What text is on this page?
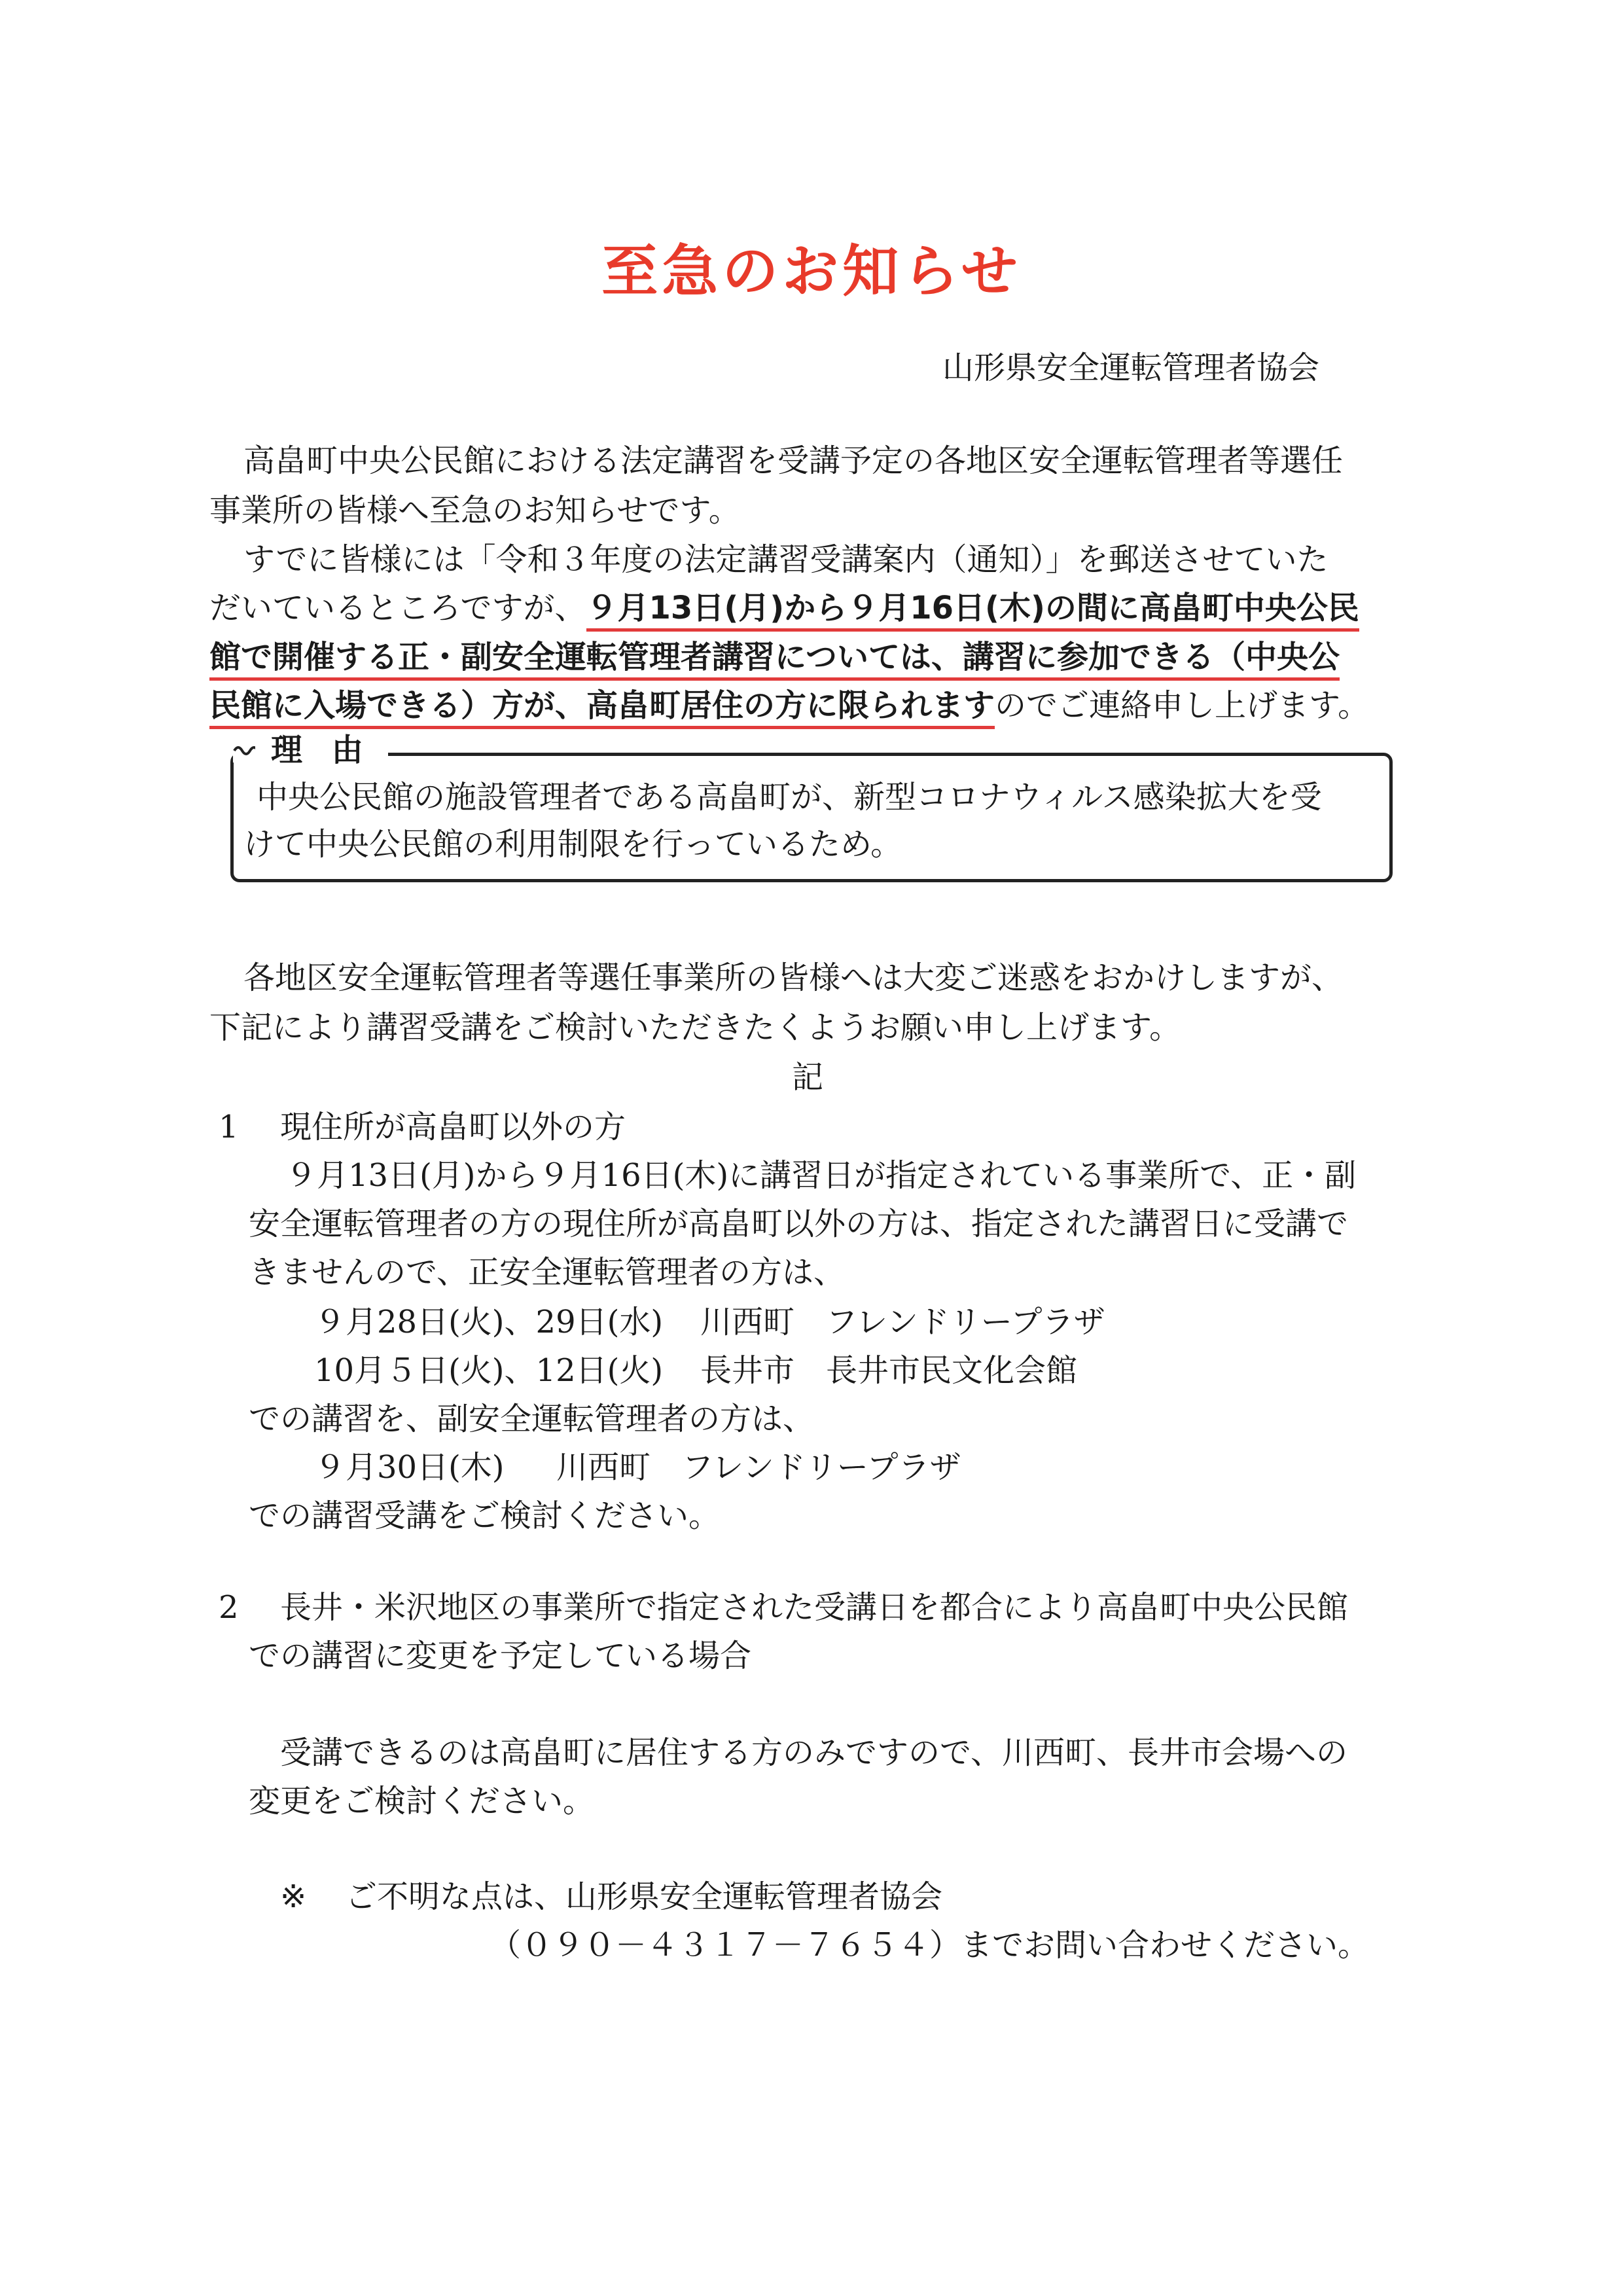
至急のお知らせ
山形県安全運転管理者協会
高畠町中央公民館における法定講習を受講予定の各地区安全運転管理者等選任
事業所の皆様へ至急のお知らせです。
すでに皆様には「令和３年度の法定講習受講案内（通知）」を郵送させていた
だいているところですが、９月13日(月)から９月16日(木)の間に高畠町中央公民
館で開催する正・副安全運転管理者講習については、講習に参加できる（中央公
民館に入場できる）方が、高畠町居住の方に限られますのでご連絡申し上げます。
理 由
中央公民館の施設管理者である高畠町が、新型コロナウィルス感染拡大を受
けて中央公民館の利用制限を行っているため。
各地区安全運転管理者等選任事業所の皆様へは大変ご迷惑をおかけしますが、
下記により講習受講をご検討いただきたくようお願い申し上げます。
記
1 現住所が高畠町以外の方
９月13日(月)から９月16日(木)に講習日が指定されている事業所で、正・副
安全運転管理者の方の現住所が高畠町以外の方は、指定された講習日に受講で
きませんので、正安全運転管理者の方は、
９月28日(火)、29日(水) 川西町　フレンドリープラザ
10月５日(火)、12日(火) 長井市　長井市民文化会館
での講習を、副安全運転管理者の方は、
９月30日(木) 川西町　フレンドリープラザ
での講習受講をご検討ください。
2 長井・米沢地区の事業所で指定された受講日を都合により高畠町中央公民館
での講習に変更を予定している場合
受講できるのは高畠町に居住する方のみですので、川西町、長井市会場への
変更をご検討ください。
※ ご不明な点は、山形県安全運転管理者協会
（０９０－４３１７－７６５４）までお問い合わせください。
